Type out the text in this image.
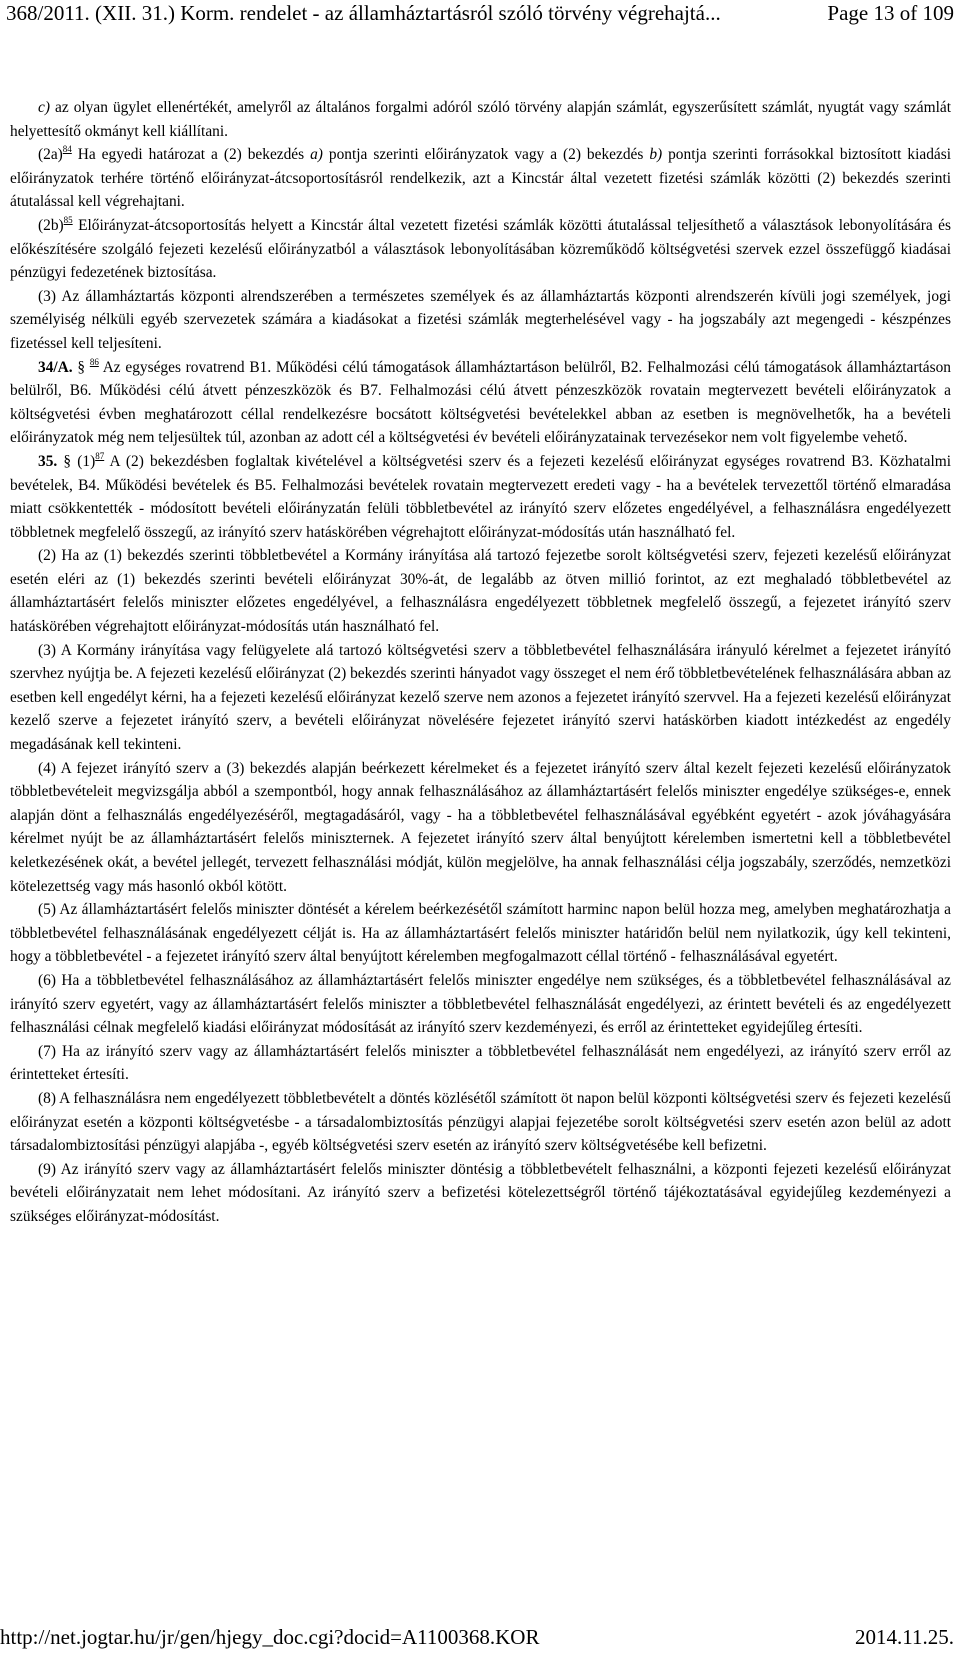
368/2011. (XII. 31.) Korm. rendelet - az államháztartásról szóló törvény végrehajtá...	Page 13 of 109

c) az olyan ügylet ellenértékét, amelyről az általános forgalmi adóról szóló törvény alapján számlát, egyszerűsített számlát, nyugtát vagy számlát helyettesítő okmányt kell kiállítani.

(2a)$^{84}$ Ha egyedi határozat a (2) bekezdés a) pontja szerinti előirányzatok vagy a (2) bekezdés b) pontja szerinti forrásokkal biztosított kiadási előirányzatok terhére történő előirányzat-átcsoportosításról rendelkezik, azt a Kincstár által vezetett fizetési számlák közötti (2) bekezdés szerinti átutalással kell végrehajtani.

(2b)$^{85}$ Előirányzat-átcsoportosítás helyett a Kincstár által vezetett fizetési számlák közötti átutalással teljesíthető a választások lebonyolítására és előkészítésére szolgáló fejezeti kezelésű előirányzatból a választások lebonyolításában közreműködő költségvetési szervek ezzel összefüggő kiadásai pénzügyi fedezetének biztosítása.

(3) Az államháztartás központi alrendszerében a természetes személyek és az államháztartás központi alrendszerén kívüli jogi személyek, jogi személyiség nélküli egyéb szervezetek számára a kiadásokat a fizetési számlák megterhelésével vagy - ha jogszabály azt megengedi - készpénzes fizetéssel kell teljesíteni.

34/A. § $^{86}$ Az egységes rovatrend B1. Működési célú támogatások államháztartáson belülről, B2. Felhalmozási célú támogatások államháztartáson belülről, B6. Működési célú átvett pénzeszközök és B7. Felhalmozási célú átvett pénzeszközök rovatain megtervezett bevételi előirányzatok a költségvetési évben meghatározott céllal rendelkezésre bocsátott költségvetési bevételekkel abban az esetben is megnövelhetők, ha a bevételi előirányzatok még nem teljesültek túl, azonban az adott cél a költségvetési év bevételi előirányzatainak tervezésekor nem volt figyelembe vehető.

35. § (1)$^{87}$ A (2) bekezdésben foglaltak kivételével a költségvetési szerv és a fejezeti kezelésű előirányzat egységes rovatrend B3. Közhatalmi bevételek, B4. Működési bevételek és B5. Felhalmozási bevételek rovatain megtervezett eredeti vagy - ha a bevételek tervezettől történő elmaradása miatt csökkentették - módosított bevételi előirányzatán felüli többletbevétel az irányító szerv előzetes engedélyével, a felhasználásra engedélyezett többletnek megfelelő összegű, az irányító szerv hatáskörében végrehajtott előirányzat-módosítás után használható fel.

(2) Ha az (1) bekezdés szerinti többletbevétel a Kormány irányítása alá tartozó fejezetbe sorolt költségvetési szerv, fejezeti kezelésű előirányzat esetén eléri az (1) bekezdés szerinti bevételi előirányzat 30%-át, de legalább az ötven millió forintot, az ezt meghaladó többletbevétel az államháztartásért felelős miniszter előzetes engedélyével, a felhasználásra engedélyezett többletnek megfelelő összegű, a fejezetet irányító szerv hatáskörében végrehajtott előirányzat-módosítás után használható fel.

(3) A Kormány irányítása vagy felügyelete alá tartozó költségvetési szerv a többletbevétel felhasználására irányuló kérelmet a fejezetet irányító szervhez nyújtja be. A fejezeti kezelésű előirányzat (2) bekezdés szerinti hányadot vagy összeget el nem érő többletbevételének felhasználására abban az esetben kell engedélyt kérni, ha a fejezeti kezelésű előirányzat kezelő szerve nem azonos a fejezetet irányító szervvel. Ha a fejezeti kezelésű előirányzat kezelő szerve a fejezetet irányító szerv, a bevételi előirányzat növelésére fejezetet irányító szervi hatáskörben kiadott intézkedést az engedély megadásának kell tekinteni.

(4) A fejezet irányító szerv a (3) bekezdés alapján beérkezett kérelmeket és a fejezetet irányító szerv által kezelt fejezeti kezelésű előirányzatok többletbevételeit megvizsgálja abból a szempontból, hogy annak felhasználásához az államháztartásért felelős miniszter engedélye szükséges-e, ennek alapján dönt a felhasználás engedélyezéséről, megtagadásáról, vagy - ha a többletbevétel felhasználásával egyébként egyetért - azok jóváhagyására kérelmet nyújt be az államháztartásért felelős miniszternek. A fejezetet irányító szerv által benyújtott kérelemben ismertetni kell a többletbevétel keletkezésének okát, a bevétel jellegét, tervezett felhasználási módját, külön megjelölve, ha annak felhasználási célja jogszabály, szerződés, nemzetközi kötelezettség vagy más hasonló okból kötött.

(5) Az államháztartásért felelős miniszter döntését a kérelem beérkezésétől számított harminc napon belül hozza meg, amelyben meghatározhatja a többletbevétel felhasználásának engedélyezett célját is. Ha az államháztartásért felelős miniszter határidőn belül nem nyilatkozik, úgy kell tekinteni, hogy a többletbevétel - a fejezetet irányító szerv által benyújtott kérelemben megfogalmazott céllal történő - felhasználásával egyetért.

(6) Ha a többletbevétel felhasználásához az államháztartásért felelős miniszter engedélye nem szükséges, és a többletbevétel felhasználásával az irányító szerv egyetért, vagy az államháztartásért felelős miniszter a többletbevétel felhasználását engedélyezi, az érintett bevételi és az engedélyezett felhasználási célnak megfelelő kiadási előirányzat módosítását az irányító szerv kezdeményezi, és erről az érintetteket egyidejűleg értesíti.

(7) Ha az irányító szerv vagy az államháztartásért felelős miniszter a többletbevétel felhasználását nem engedélyezi, az irányító szerv erről az érintetteket értesíti.

(8) A felhasználásra nem engedélyezett többletbevételt a döntés közlésétől számított öt napon belül központi költségvetési szerv és fejezeti kezelésű előirányzat esetén a központi költségvetésbe - a társadalombiztosítás pénzügyi alapjai fejezetébe sorolt költségvetési szerv esetén azon belül az adott társadalombiztosítási pénzügyi alapjába -, egyéb költségvetési szerv esetén az irányító szerv költségvetésébe kell befizetni.

(9) Az irányító szerv vagy az államháztartásért felelős miniszter döntésig a többletbevételt felhasználni, a központi fejezeti kezelésű előirányzat bevételi előirányzatait nem lehet módosítani. Az irányító szerv a befizetési kötelezettségről történő tájékoztatásával egyidejűleg kezdeményezi a szükséges előirányzat-módosítást.

http://net.jogtar.hu/jr/gen/hjegy_doc.cgi?docid=A1100368.KOR	2014.11.25.
